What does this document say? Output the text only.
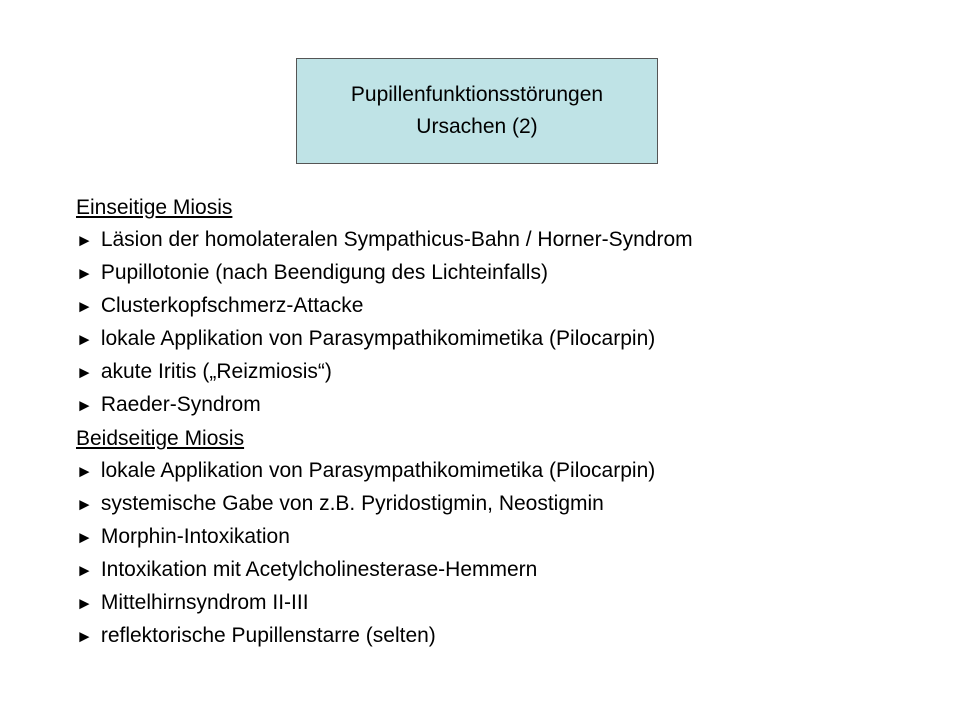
Pupillenfunktionsstörungen
Ursachen (2)
Einseitige Miosis
► Läsion der homolateralen Sympathicus-Bahn / Horner-Syndrom
► Pupillotonie (nach Beendigung des Lichteinfalls)
► Clusterkopfschmerz-Attacke
► lokale Applikation von Parasympathikomimetika (Pilocarpin)
► akute Iritis („Reizmiosis“)
► Raeder-Syndrom
Beidseitige Miosis
► lokale Applikation von Parasympathikomimetika (Pilocarpin)
► systemische Gabe von z.B. Pyridostigmin, Neostigmin
► Morphin-Intoxikation
► Intoxikation mit Acetylcholinesterase-Hemmern
► Mittelhirnsyndrom II-III
► reflektorische Pupillenstarre (selten)
